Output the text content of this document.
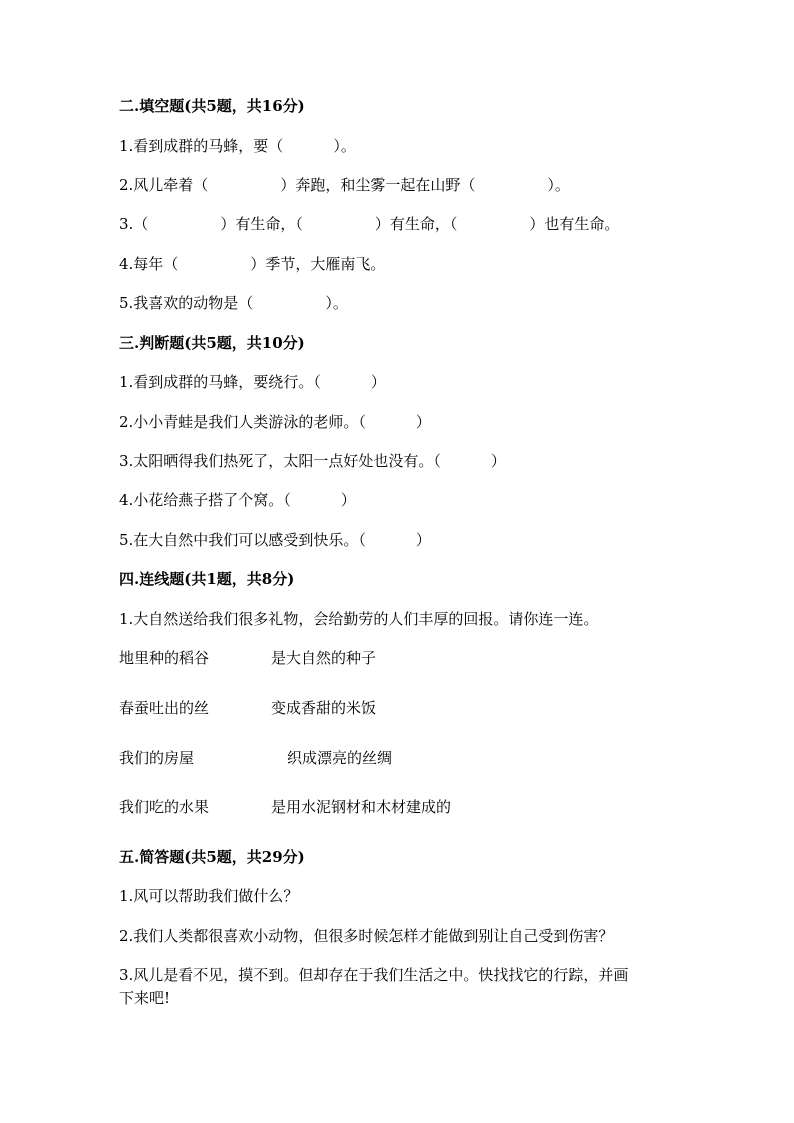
二.填空题(共5题，共16分)
1.看到成群的马蜂，要（	）。
2.风儿牵着（	）奔跑，和尘雾一起在山野（	）。
3.（	）有生命，（	）有生命，（	）也有生命。
4.每年（	）季节，大雁南飞。
5.我喜欢的动物是（	）。
三.判断题(共5题，共10分)
1.看到成群的马蜂，要绕行。（	）
2.小小青蛙是我们人类游泳的老师。（	）
3.太阳晒得我们热死了，太阳一点好处也没有。（	）
4.小花给燕子搭了个窝。（	）
5.在大自然中我们可以感受到快乐。（	）
四.连线题(共1题，共8分)
1.大自然送给我们很多礼物，会给勤劳的人们丰厚的回报。请你连一连。
地里种的稻谷	是大自然的种子
春蚕吐出的丝	变成香甜的米饭
我们的房屋	织成漂亮的丝绸
我们吃的水果	是用水泥钢材和木材建成的
五.简答题(共5题，共29分)
1.风可以帮助我们做什么？
2.我们人类都很喜欢小动物，但很多时候怎样才能做到别让自己受到伤害？
3.风儿是看不见，摸不到。但却存在于我们生活之中。快找找它的行踪，并画
下来吧!
